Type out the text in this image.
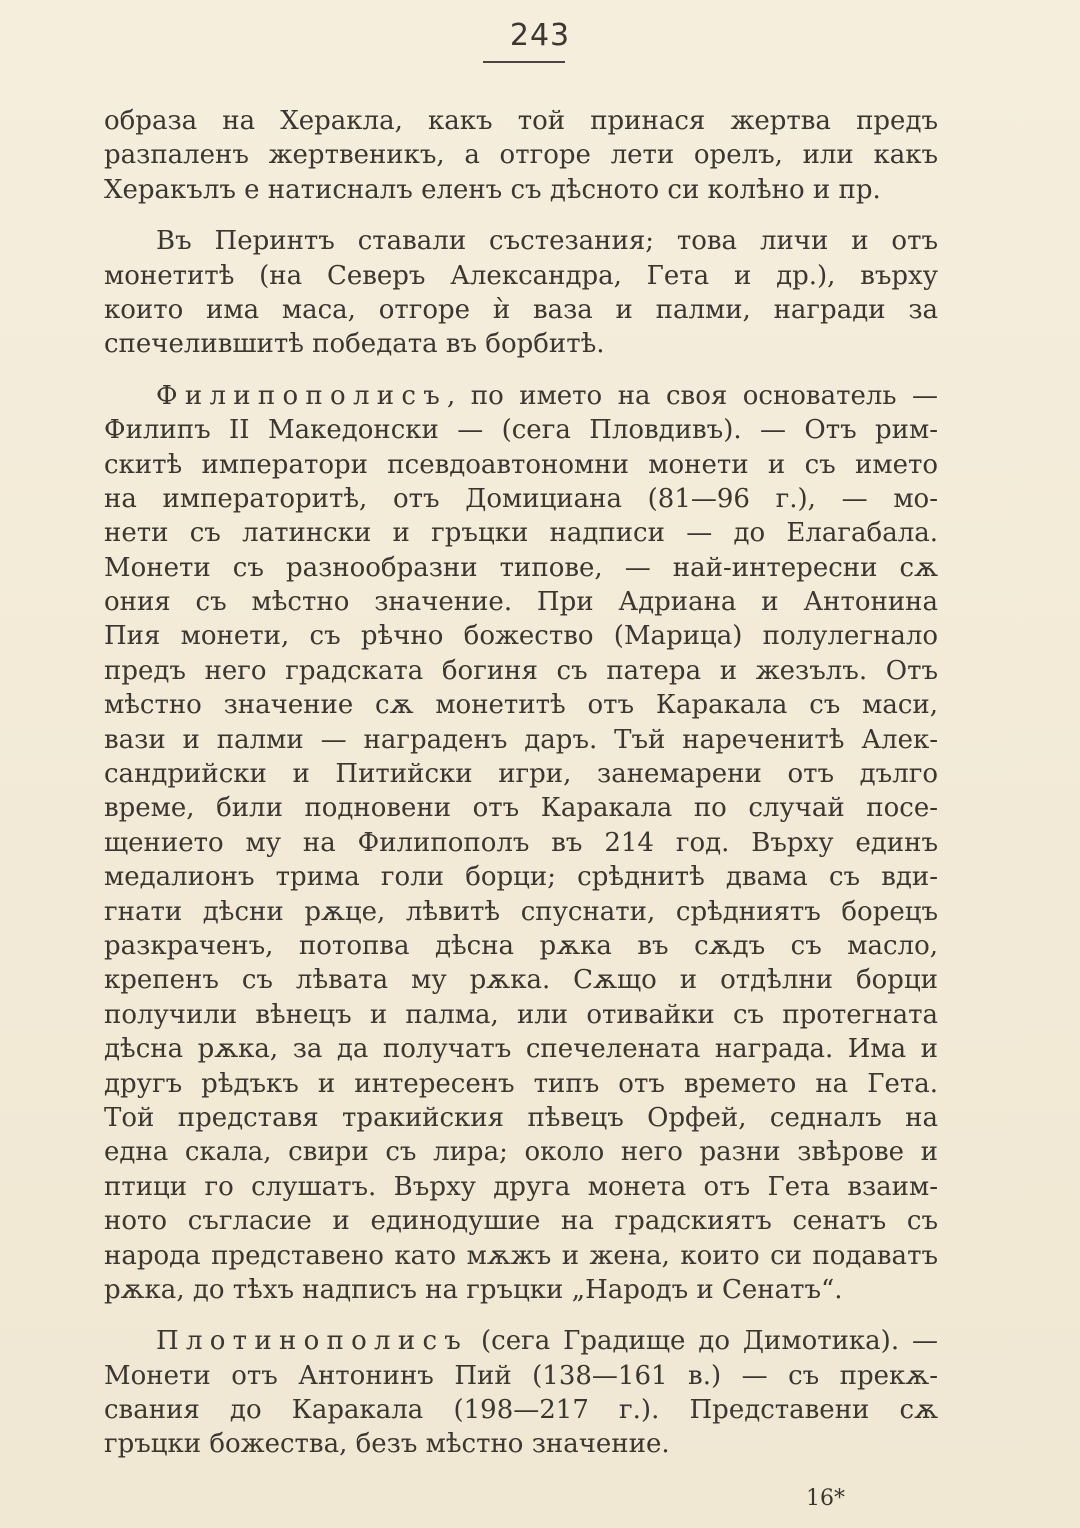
243
образа на Херакла, какъ той принася жертва предъ
разпаленъ жертвеникъ, а отгоре лети орелъ, или какъ
Херакълъ е натисналъ еленъ съ дѣсното си колѣно и пр.
Въ Перинтъ ставали състезания; това личи и отъ
монетитѣ (на Северъ Александра, Гета и др.), върху
които има маса, отгоре ѝ ваза и палми, награди за
спечелившитѣ победата въ борбитѣ.
Филипополисъ, по името на своя основатель —
Филипъ II Македонски — (сега Пловдивъ). — Отъ рим-
скитѣ императори псевдоавтономни монети и съ името
на императоритѣ, отъ Домициана (81—96 г.), — мо-
нети съ латински и гръцки надписи — до Елагабала.
Монети съ разнообразни типове, — най-интересни сѫ
ония съ мѣстно значение. При Адриана и Антонина
Пия монети, съ рѣчно божество (Марица) полулегнало
предъ него градската богиня съ патера и жезълъ. Отъ
мѣстно значение сѫ монетитѣ отъ Каракала съ маси,
вази и палми — награденъ даръ. Тъй нареченитѣ Алек-
сандрийски и Питийски игри, занемарени отъ дълго
време, били подновени отъ Каракала по случай посе-
щението му на Филипополъ въ 214 год. Върху единъ
медалионъ трима голи борци; срѣднитѣ двама съ вди-
гнати дѣсни рѫце, лѣвитѣ спуснати, срѣдниятъ борецъ
разкраченъ, потопва дѣсна рѫка въ сѫдъ съ масло,
крепенъ съ лѣвата му рѫка. Сѫщо и отдѣлни борци
получили вѣнецъ и палма, или отивайки съ протегната
дѣсна рѫка, за да получатъ спечелената награда. Има и
другъ рѣдъкъ и интересенъ типъ отъ времето на Гета.
Той представя тракийския пѣвецъ Орфей, седналъ на
една скала, свири съ лира; около него разни звѣрове и
птици го слушатъ. Върху друга монета отъ Гета взаим-
ното съгласие и единодушие на градскиятъ сенатъ съ
народа представено като мѫжъ и жена, които си подаватъ
рѫка, до тѣхъ надписъ на гръцки „Народъ и Сенатъ“.
Плотинополисъ (сега Градище до Димотика). —
Монети отъ Антонинъ Пий (138—161 в.) — съ прекѫ-
свания до Каракала (198—217 г.). Представени сѫ
гръцки божества, безъ мѣстно значение.
16*
